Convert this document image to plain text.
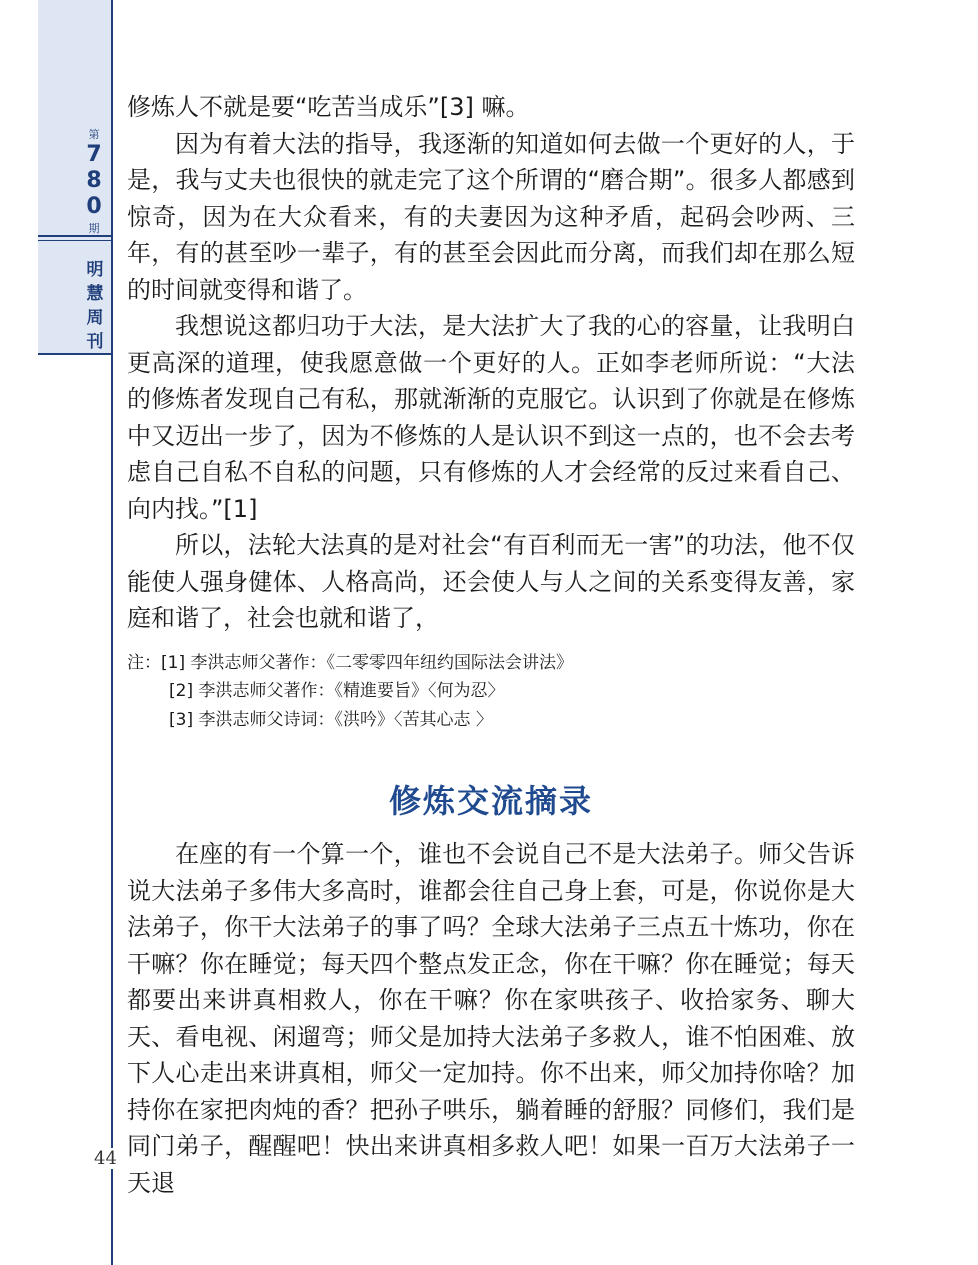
第
7
8
0
期
明
慧
周
刊

修炼人不就是要“吃苦当成乐”[3] 嘛。

因为有着大法的指导，我逐渐的知道如何去做一个更好的人，于是，我与丈夫也很快的就走完了这个所谓的“磨合期”。很多人都感到惊奇，因为在大众看来，有的夫妻因为这种矛盾，起码会吵两、三年，有的甚至吵一辈子，有的甚至会因此而分离，而我们却在那么短的时间就变得和谐了。

我想说这都归功于大法，是大法扩大了我的心的容量，让我明白更高深的道理，使我愿意做一个更好的人。正如李老师所说：“大法的修炼者发现自己有私，那就渐渐的克服它。认识到了你就是在修炼中又迈出一步了，因为不修炼的人是认识不到这一点的，也不会去考虑自己自私不自私的问题，只有修炼的人才会经常的反过来看自己、向内找。”[1]

所以，法轮大法真的是对社会“有百利而无一害”的功法，他不仅能使人强身健体、人格高尚，还会使人与人之间的关系变得友善，家庭和谐了，社会也就和谐了，

注：[1] 李洪志师父著作：《二零零四年纽约国际法会讲法》
[2] 李洪志师父著作：《精進要旨》〈何为忍〉
[3] 李洪志师父诗词：《洪吟》〈苦其心志 〉
修炼交流摘录

在座的有一个算一个，谁也不会说自己不是大法弟子。师父告诉说大法弟子多伟大多高时，谁都会往自己身上套，可是，你说你是大法弟子，你干大法弟子的事了吗？全球大法弟子三点五十炼功，你在干嘛？你在睡觉；每天四个整点发正念，你在干嘛？你在睡觉；每天都要出来讲真相救人，你在干嘛？你在家哄孩子、收拾家务、聊大天、看电视、闲遛弯；师父是加持大法弟子多救人，谁不怕困难、放下人心走出来讲真相，师父一定加持。你不出来，师父加持你啥？加持你在家把肉炖的香？把孙子哄乐，躺着睡的舒服？同修们，我们是同门弟子，醒醒吧！快出来讲真相多救人吧！如果一百万大法弟子一天退

44
